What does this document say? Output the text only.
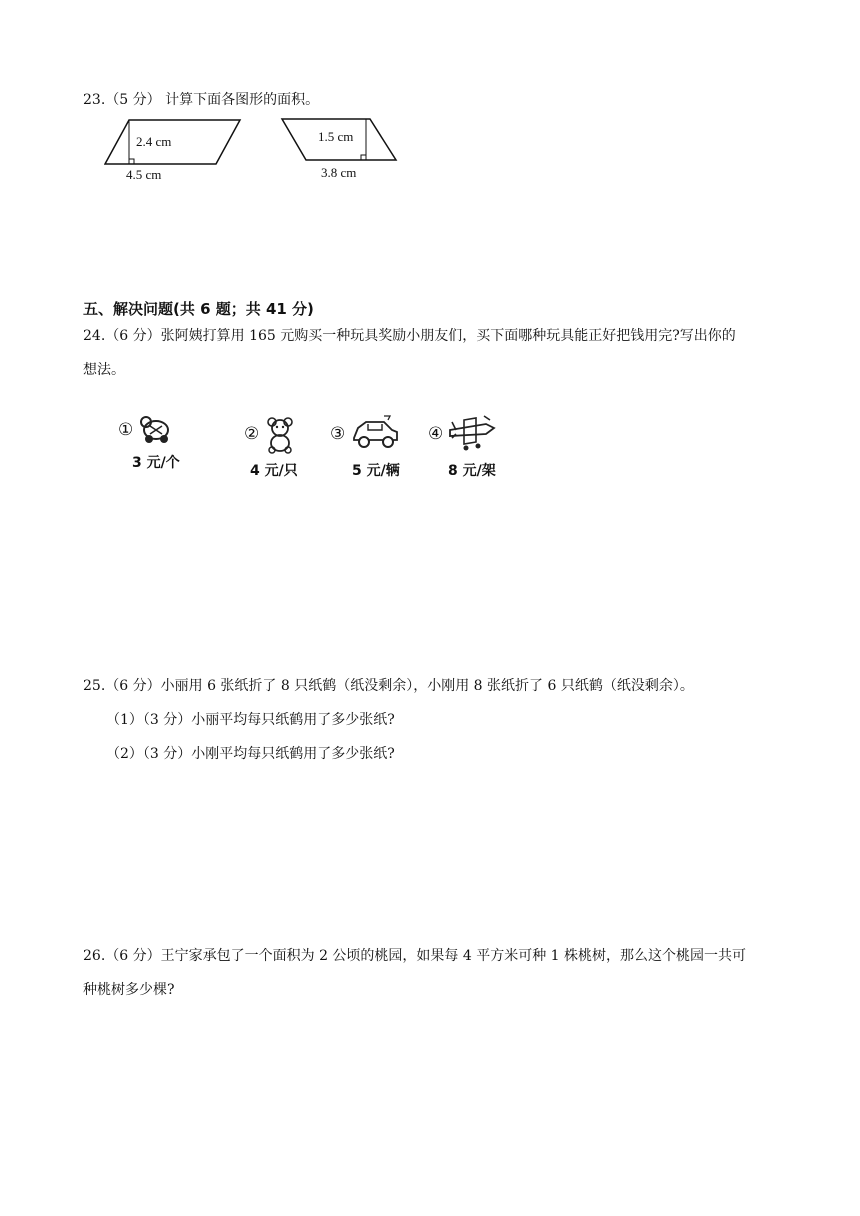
23.（5 分） 计算下面各图形的面积。
2.4 cm
4.5 cm
1.5 cm
3.8 cm
五、解决问题(共 6 题；共 41 分)
24.（6 分）张阿姨打算用 165 元购买一种玩具奖励小朋友们，买下面哪种玩具能正好把钱用完?写出你的
想法。
①
3 元/个
②
4 元/只
③
5 元/辆
④
8 元/架
25.（6 分）小丽用 6 张纸折了 8 只纸鹤（纸没剩余），小刚用 8 张纸折了 6 只纸鹤（纸没剩余）。
（1）（3 分）小丽平均每只纸鹤用了多少张纸?
（2）（3 分）小刚平均每只纸鹤用了多少张纸?
26.（6 分）王宁家承包了一个面积为 2 公顷的桃园，如果每 4 平方米可种 1 株桃树，那么这个桃园一共可
种桃树多少棵?
